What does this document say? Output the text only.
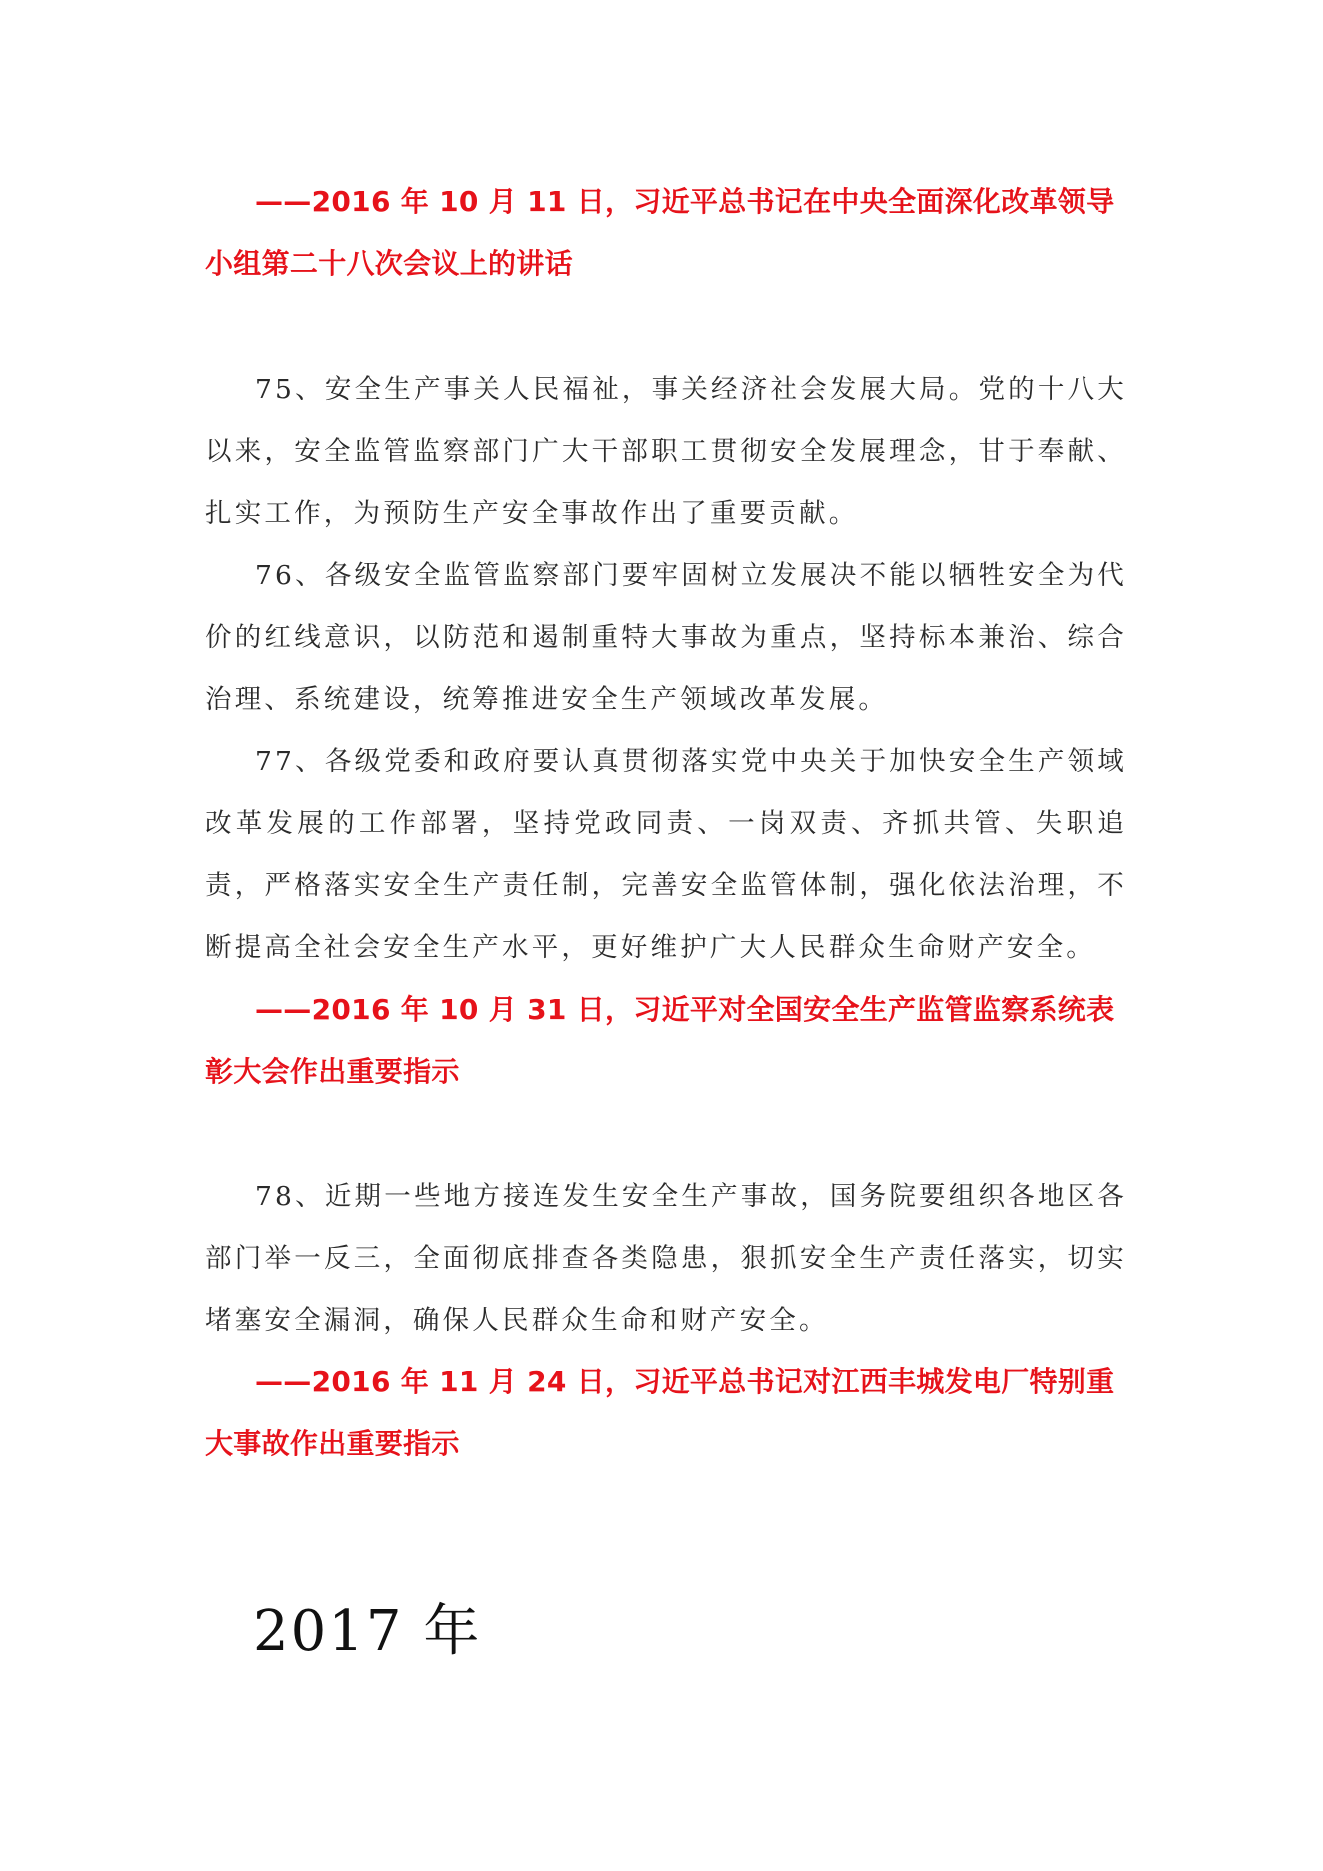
——2016 年 10 月 11 日，习近平总书记在中央全面深化改革领导小组第二十八次会议上的讲话

75、安全生产事关人民福祉，事关经济社会发展大局。党的十八大以来，安全监管监察部门广大干部职工贯彻安全发展理念，甘于奉献、扎实工作，为预防生产安全事故作出了重要贡献。

76、各级安全监管监察部门要牢固树立发展决不能以牺牲安全为代价的红线意识，以防范和遏制重特大事故为重点，坚持标本兼治、综合治理、系统建设，统筹推进安全生产领域改革发展。

77、各级党委和政府要认真贯彻落实党中央关于加快安全生产领域改革发展的工作部署，坚持党政同责、一岗双责、齐抓共管、失职追责，严格落实安全生产责任制，完善安全监管体制，强化依法治理，不断提高全社会安全生产水平，更好维护广大人民群众生命财产安全。

——2016 年 10 月 31 日，习近平对全国安全生产监管监察系统表彰大会作出重要指示

78、近期一些地方接连发生安全生产事故，国务院要组织各地区各部门举一反三，全面彻底排查各类隐患，狠抓安全生产责任落实，切实堵塞安全漏洞，确保人民群众生命和财产安全。

——2016 年 11 月 24 日，习近平总书记对江西丰城发电厂特别重大事故作出重要指示

2017 年
